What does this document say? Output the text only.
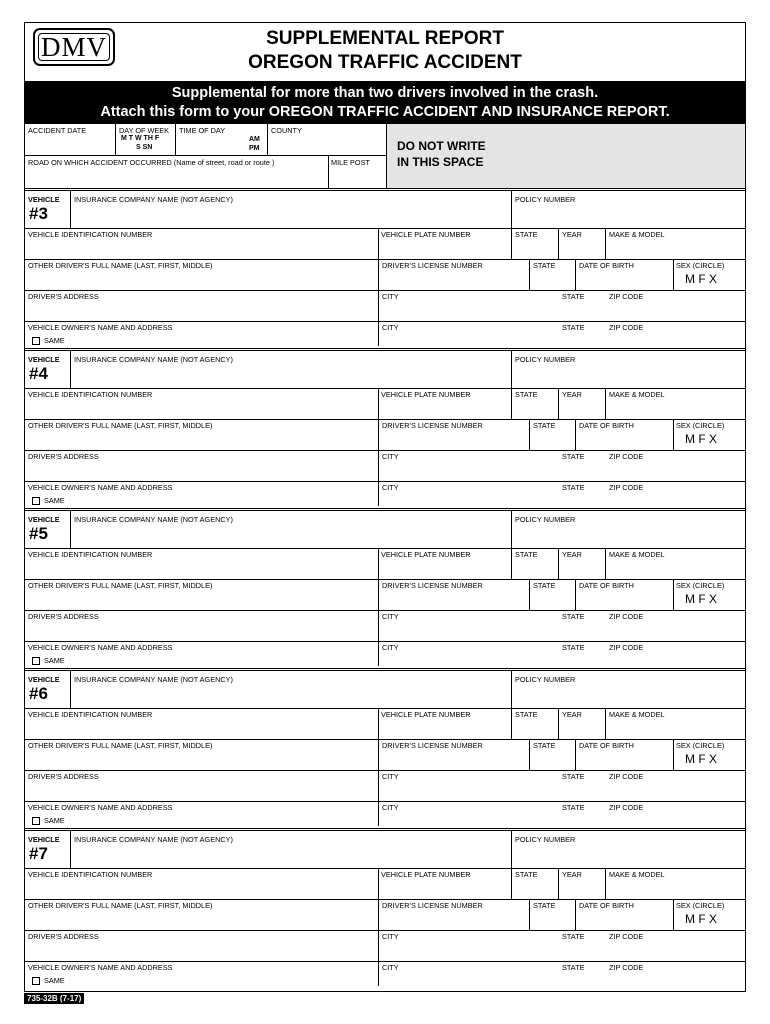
DMV	SUPPLEMENTAL REPORT
OREGON TRAFFIC ACCIDENT
Supplemental for more than two drivers involved in the crash.
Attach this form to your OREGON TRAFFIC ACCIDENT AND INSURANCE REPORT.
ACCIDENT DATE	DAY OF WEEK
M T W TH F
S SN
TIME OF DAY
AM
PM
COUNTY
ROAD ON WHICH ACCIDENT OCCURRED (Name of street, road or route )	MILE POST
DO NOT WRITE
IN THIS SPACE
VEHICLE
#3
INSURANCE COMPANY NAME (NOT AGENCY)	POLICY NUMBER
VEHICLE IDENTIFICATION NUMBER	VEHICLE PLATE NUMBER	STATE	YEAR	MAKE & MODEL
OTHER DRIVER'S FULL NAME (LAST, FIRST, MIDDLE)	DRIVER'S LICENSE NUMBER	STATE	DATE OF BIRTH	SEX (CIRCLE)
M F X
DRIVER'S ADDRESS	CITY	STATE	ZIP CODE
VEHICLE OWNER'S NAME AND ADDRESS	CITY	STATE	ZIP CODE
SAME
VEHICLE
#4
INSURANCE COMPANY NAME (NOT AGENCY)	POLICY NUMBER
VEHICLE IDENTIFICATION NUMBER	VEHICLE PLATE NUMBER	STATE	YEAR	MAKE & MODEL
OTHER DRIVER'S FULL NAME (LAST, FIRST, MIDDLE)	DRIVER'S LICENSE NUMBER	STATE	DATE OF BIRTH	SEX (CIRCLE)
M F X
DRIVER'S ADDRESS	CITY	STATE	ZIP CODE
VEHICLE OWNER'S NAME AND ADDRESS	CITY	STATE	ZIP CODE
SAME
VEHICLE
#5
INSURANCE COMPANY NAME (NOT AGENCY)	POLICY NUMBER
VEHICLE IDENTIFICATION NUMBER	VEHICLE PLATE NUMBER	STATE	YEAR	MAKE & MODEL
OTHER DRIVER'S FULL NAME (LAST, FIRST, MIDDLE)	DRIVER'S LICENSE NUMBER	STATE	DATE OF BIRTH	SEX (CIRCLE)
M F X
DRIVER'S ADDRESS	CITY	STATE	ZIP CODE
VEHICLE OWNER'S NAME AND ADDRESS	CITY	STATE	ZIP CODE
SAME
VEHICLE
#6
INSURANCE COMPANY NAME (NOT AGENCY)	POLICY NUMBER
VEHICLE IDENTIFICATION NUMBER	VEHICLE PLATE NUMBER	STATE	YEAR	MAKE & MODEL
OTHER DRIVER'S FULL NAME (LAST, FIRST, MIDDLE)	DRIVER'S LICENSE NUMBER	STATE	DATE OF BIRTH	SEX (CIRCLE)
M F X
DRIVER'S ADDRESS	CITY	STATE	ZIP CODE
VEHICLE OWNER'S NAME AND ADDRESS	CITY	STATE	ZIP CODE
SAME
VEHICLE
#7
INSURANCE COMPANY NAME (NOT AGENCY)	POLICY NUMBER
VEHICLE IDENTIFICATION NUMBER	VEHICLE PLATE NUMBER	STATE	YEAR	MAKE & MODEL
OTHER DRIVER'S FULL NAME (LAST, FIRST, MIDDLE)	DRIVER'S LICENSE NUMBER	STATE	DATE OF BIRTH	SEX (CIRCLE)
M F X
DRIVER'S ADDRESS	CITY	STATE	ZIP CODE
VEHICLE OWNER'S NAME AND ADDRESS	CITY	STATE	ZIP CODE
SAME
735-32B (7-17)
